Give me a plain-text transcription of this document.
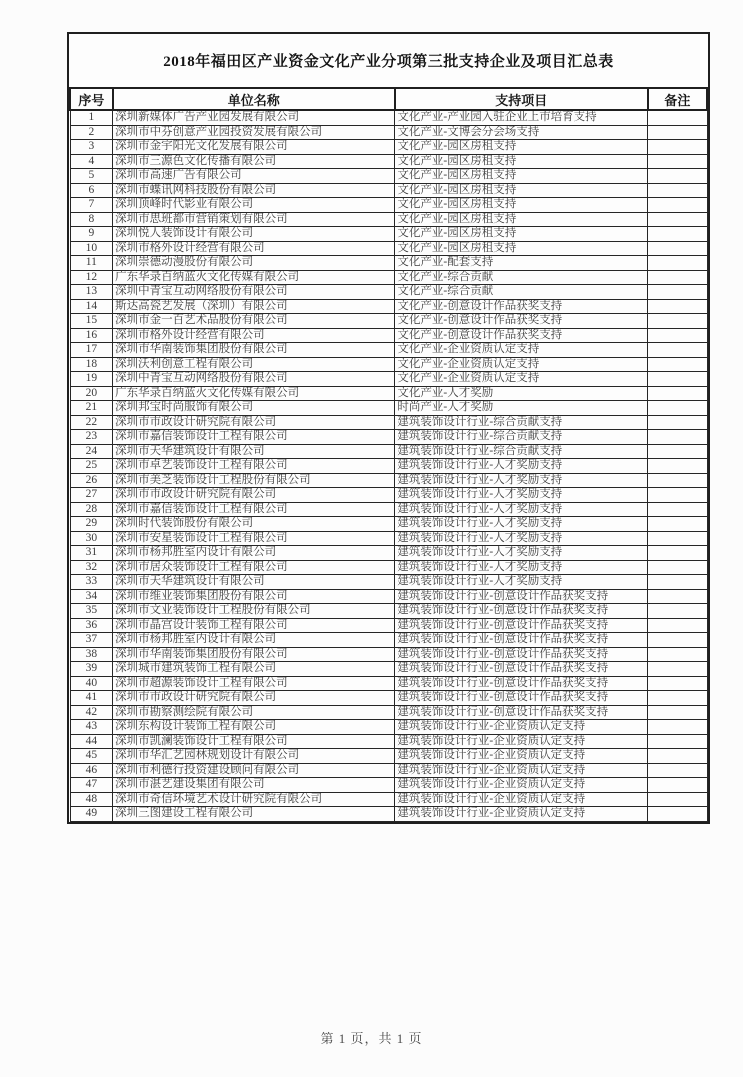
2018年福田区产业资金文化产业分项第三批支持企业及项目汇总表
序号	单位名称	支持项目	备注
1	深圳新媒体广告产业园发展有限公司	文化产业-产业园入驻企业上市培育支持	
2	深圳市中芬创意产业园投资发展有限公司	文化产业-文博会分会场支持	
3	深圳市金宇阳光文化发展有限公司	文化产业-园区房租支持	
4	深圳市三源色文化传播有限公司	文化产业-园区房租支持	
5	深圳市高速广告有限公司	文化产业-园区房租支持	
6	深圳市蝶讯网科技股份有限公司	文化产业-园区房租支持	
7	深圳顶峰时代影业有限公司	文化产业-园区房租支持	
8	深圳市思班都市营销策划有限公司	文化产业-园区房租支持	
9	深圳悦人装饰设计有限公司	文化产业-园区房租支持	
10	深圳市格外设计经营有限公司	文化产业-园区房租支持	
11	深圳崇德动漫股份有限公司	文化产业-配套支持	
12	广东华录百纳蓝火文化传媒有限公司	文化产业-综合贡献	
13	深圳中青宝互动网络股份有限公司	文化产业-综合贡献	
14	斯达高瓷艺发展（深圳）有限公司	文化产业-创意设计作品获奖支持	
15	深圳市金一百艺术品股份有限公司	文化产业-创意设计作品获奖支持	
16	深圳市格外设计经营有限公司	文化产业-创意设计作品获奖支持	
17	深圳市华南装饰集团股份有限公司	文化产业-企业资质认定支持	
18	深圳沃利创意工程有限公司	文化产业-企业资质认定支持	
19	深圳中青宝互动网络股份有限公司	文化产业-企业资质认定支持	
20	广东华录百纳蓝火文化传媒有限公司	文化产业-人才奖励	
21	深圳邦宝时尚服饰有限公司	时尚产业-人才奖励	
22	深圳市市政设计研究院有限公司	建筑装饰设计行业-综合贡献支持	
23	深圳市嘉信装饰设计工程有限公司	建筑装饰设计行业-综合贡献支持	
24	深圳市天华建筑设计有限公司	建筑装饰设计行业-综合贡献支持	
25	深圳市卓艺装饰设计工程有限公司	建筑装饰设计行业-人才奖励支持	
26	深圳市美芝装饰设计工程股份有限公司	建筑装饰设计行业-人才奖励支持	
27	深圳市市政设计研究院有限公司	建筑装饰设计行业-人才奖励支持	
28	深圳市嘉信装饰设计工程有限公司	建筑装饰设计行业-人才奖励支持	
29	深圳时代装饰股份有限公司	建筑装饰设计行业-人才奖励支持	
30	深圳市安星装饰设计工程有限公司	建筑装饰设计行业-人才奖励支持	
31	深圳市杨邦胜室内设计有限公司	建筑装饰设计行业-人才奖励支持	
32	深圳市居众装饰设计工程有限公司	建筑装饰设计行业-人才奖励支持	
33	深圳市天华建筑设计有限公司	建筑装饰设计行业-人才奖励支持	
34	深圳市维业装饰集团股份有限公司	建筑装饰设计行业-创意设计作品获奖支持	
35	深圳市文业装饰设计工程股份有限公司	建筑装饰设计行业-创意设计作品获奖支持	
36	深圳市晶宫设计装饰工程有限公司	建筑装饰设计行业-创意设计作品获奖支持	
37	深圳市杨邦胜室内设计有限公司	建筑装饰设计行业-创意设计作品获奖支持	
38	深圳市华南装饰集团股份有限公司	建筑装饰设计行业-创意设计作品获奖支持	
39	深圳城市建筑装饰工程有限公司	建筑装饰设计行业-创意设计作品获奖支持	
40	深圳市超源装饰设计工程有限公司	建筑装饰设计行业-创意设计作品获奖支持	
41	深圳市市政设计研究院有限公司	建筑装饰设计行业-创意设计作品获奖支持	
42	深圳市勘察测绘院有限公司	建筑装饰设计行业-创意设计作品获奖支持	
43	深圳东构设计装饰工程有限公司	建筑装饰设计行业-企业资质认定支持	
44	深圳市凯澜装饰设计工程有限公司	建筑装饰设计行业-企业资质认定支持	
45	深圳市华汇艺园林规划设计有限公司	建筑装饰设计行业-企业资质认定支持	
46	深圳市利德行投资建设顾问有限公司	建筑装饰设计行业-企业资质认定支持	
47	深圳市湛艺建设集团有限公司	建筑装饰设计行业-企业资质认定支持	
48	深圳市奇信环境艺术设计研究院有限公司	建筑装饰设计行业-企业资质认定支持	
49	深圳三图建设工程有限公司	建筑装饰设计行业-企业资质认定支持	
第 1 页，共 1 页
